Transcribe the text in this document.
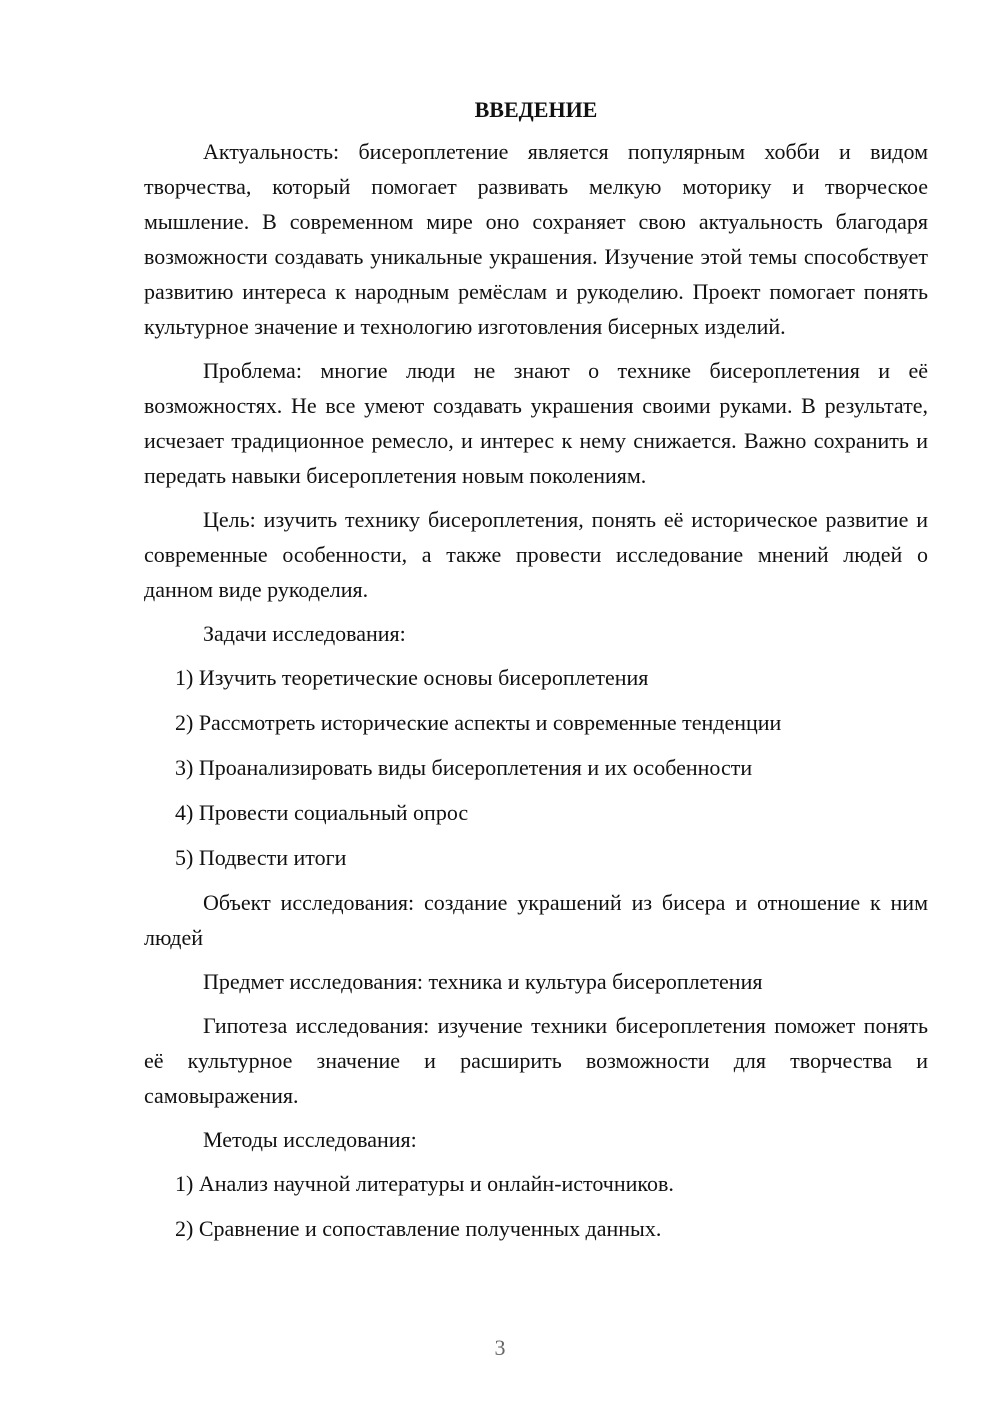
ВВЕДЕНИЕ

Актуальность: бисероплетение является популярным хобби и видом творчества, который помогает развивать мелкую моторику и творческое мышление. В современном мире оно сохраняет свою актуальность благодаря возможности создавать уникальные украшения. Изучение этой темы способствует развитию интереса к народным ремёслам и рукоделию. Проект помогает понять культурное значение и технологию изготовления бисерных изделий.

Проблема: многие люди не знают о технике бисероплетения и её возможностях. Не все умеют создавать украшения своими руками. В результате, исчезает традиционное ремесло, и интерес к нему снижается. Важно сохранить и передать навыки бисероплетения новым поколениям.

Цель: изучить технику бисероплетения, понять её историческое развитие и современные особенности, а также провести исследование мнений людей о данном виде рукоделия.

Задачи исследования:

1) Изучить теоретические основы бисероплетения
2) Рассмотреть исторические аспекты и современные тенденции
3) Проанализировать виды бисероплетения и их особенности
4) Провести социальный опрос
5) Подвести итоги

Объект исследования: создание украшений из бисера и отношение к ним людей

Предмет исследования: техника и культура бисероплетения

Гипотеза исследования: изучение техники бисероплетения поможет понять её культурное значение и расширить возможности для творчества и самовыражения.

Методы исследования:

1) Анализ научной литературы и онлайн-источников.
2) Сравнение и сопоставление полученных данных.
3
